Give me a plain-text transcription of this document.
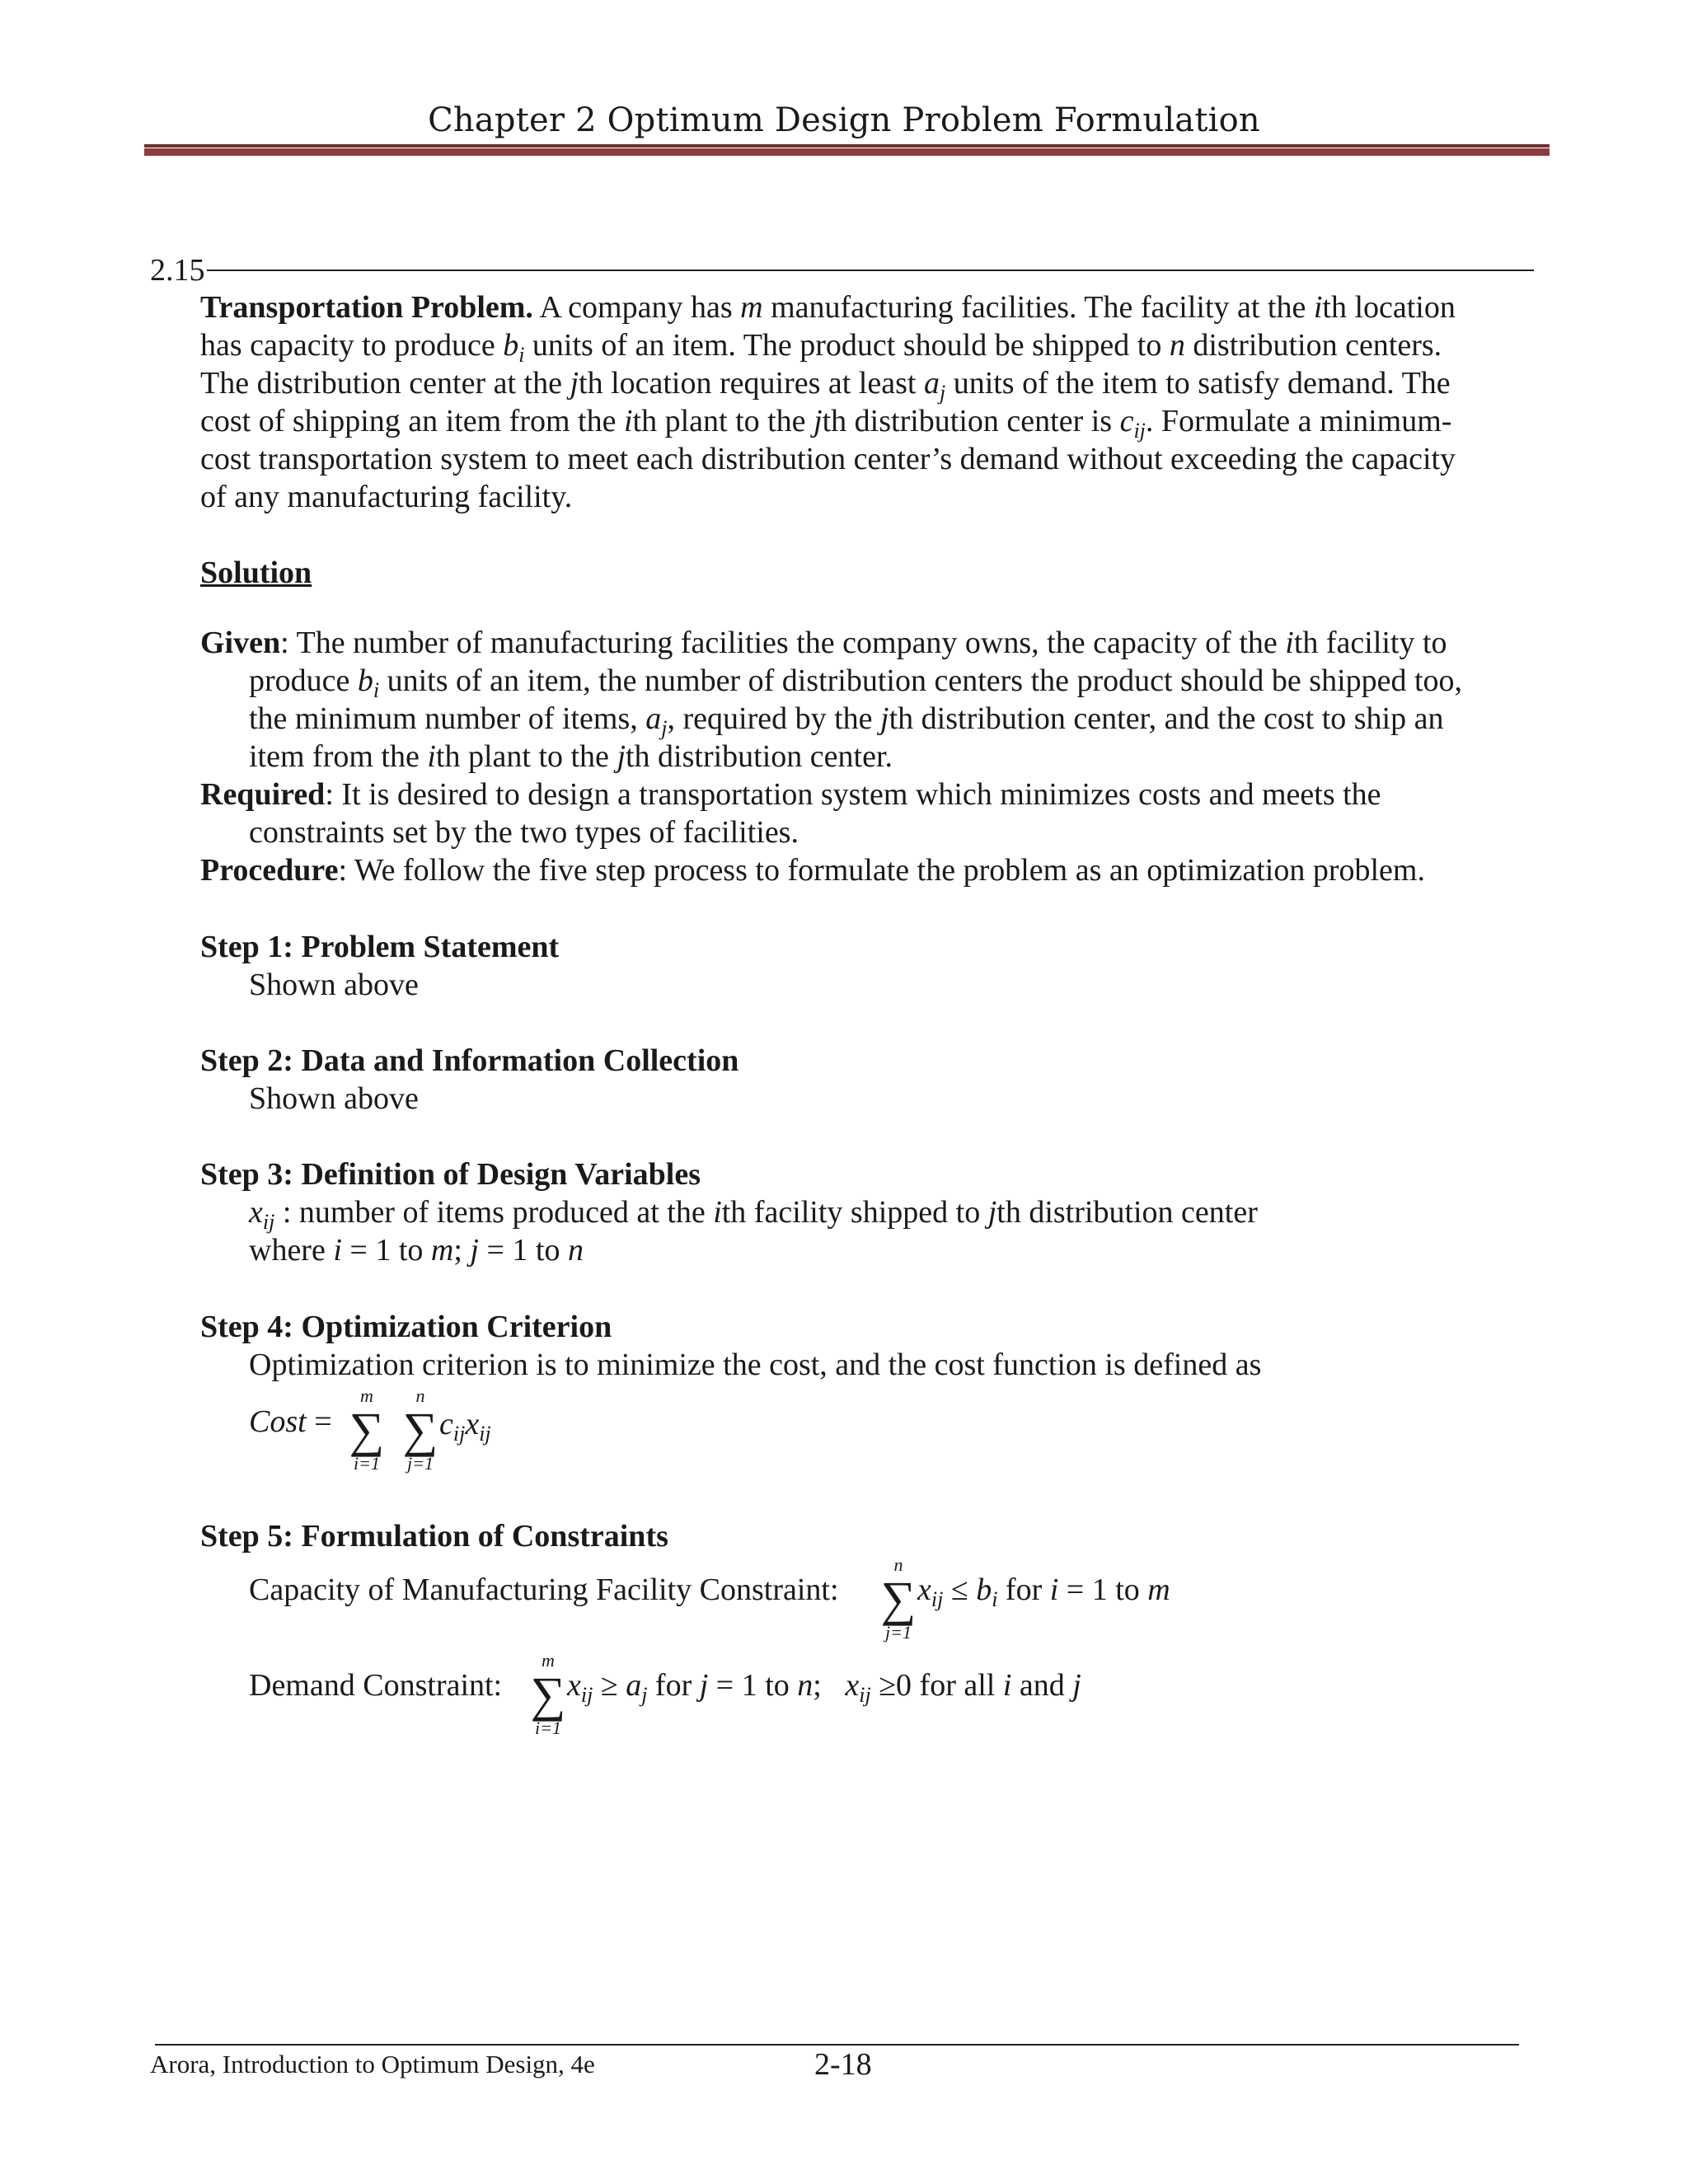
Chapter 2 Optimum Design Problem Formulation
2.15
Transportation Problem. A company has m manufacturing facilities. The facility at the ith location
has capacity to produce $b_i$ units of an item. The product should be shipped to n distribution centers.
The distribution center at the jth location requires at least $a_j$ units of the item to satisfy demand. The
cost of shipping an item from the ith plant to the jth distribution center is $c_{ij}$. Formulate a minimum-
cost transportation system to meet each distribution center’s demand without exceeding the capacity
of any manufacturing facility.
Solution
Given: The number of manufacturing facilities the company owns, the capacity of the ith facility to
produce $b_i$ units of an item, the number of distribution centers the product should be shipped too,
the minimum number of items, $a_j$, required by the jth distribution center, and the cost to ship an
item from the ith plant to the jth distribution center.
Required: It is desired to design a transportation system which minimizes costs and meets the
constraints set by the two types of facilities.
Procedure: We follow the five step process to formulate the problem as an optimization problem.
Step 1: Problem Statement
Shown above
Step 2: Data and Information Collection
Shown above
Step 3: Definition of Design Variables
$x_{ij}$ : number of items produced at the ith facility shipped to jth distribution center
where i = 1 to m; j = 1 to n
Step 4: Optimization Criterion
Optimization criterion is to minimize the cost, and the cost function is defined as
Cost =
m
∑
i=1
n
∑
j=1
$c_{ij}x_{ij}$
Step 5: Formulation of Constraints
Capacity of Manufacturing Facility Constraint:
n
∑
j=1
$x_{ij} \le b_i$ for i = 1 to m
Demand Constraint:
m
∑
i=1
$x_{ij} \ge a_j$ for j = 1 to n; $x_{ij} \ge 0$ for all i and j
Arora, Introduction to Optimum Design, 4e	2-18
